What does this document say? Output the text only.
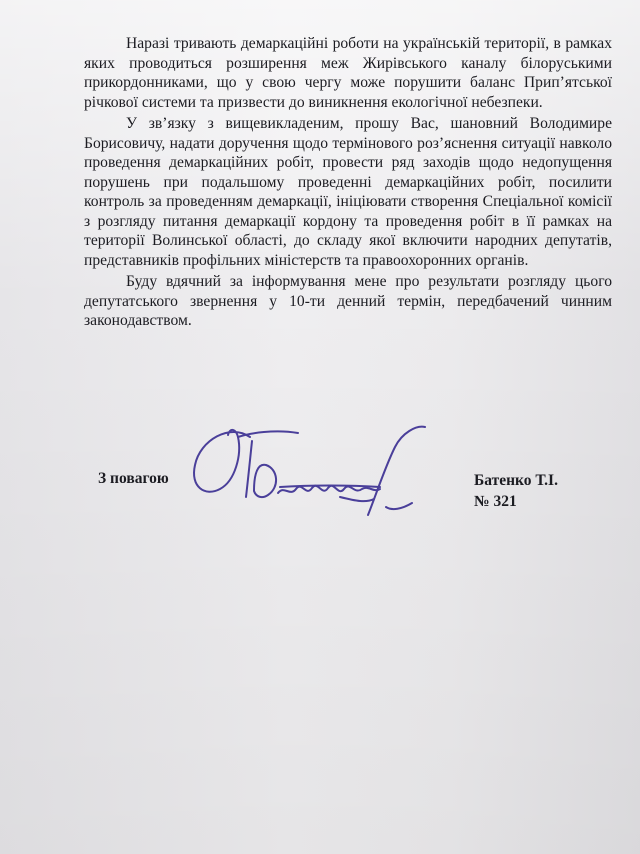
Наразі тривають демаркаційні роботи на українській території, в рамках яких проводиться розширення меж Жирівського каналу білоруськими прикордонниками, що у свою чергу може порушити баланс Прип’ятської річкової системи та призвести до виникнення екологічної небезпеки.

У зв’язку з вищевикладеним, прошу Вас, шановний Володимире Борисовичу, надати доручення щодо термінового роз’яснення ситуації навколо проведення демаркаційних робіт, провести ряд заходів щодо недопущення порушень при подальшому проведенні демаркаційних робіт, посилити контроль за проведенням демаркації, ініціювати створення Спеціальної комісії з розгляду питання демаркації кордону та проведення робіт в її рамках на території Волинської області, до складу якої включити народних депутатів, представників профільних міністерств та правоохоронних органів.

Буду вдячний за інформування мене про результати розгляду цього депутатського звернення у 10-ти денний термін, передбачений чинним законодавством.

З повагою	Батенко Т.І.
№ 321
